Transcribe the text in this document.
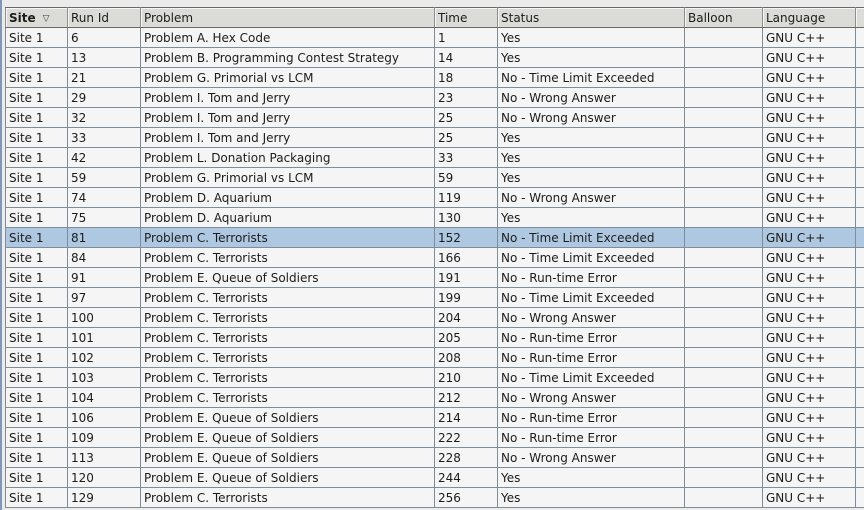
Site ▽	Run Id	Problem	Time	Status	Balloon	Language	
Site 1	6	Problem A. Hex Code	1	Yes		GNU C++	
Site 1	13	Problem B. Programming Contest Strategy	14	Yes		GNU C++	
Site 1	21	Problem G. Primorial vs LCM	18	No - Time Limit Exceeded		GNU C++	
Site 1	29	Problem I. Tom and Jerry	23	No - Wrong Answer		GNU C++	
Site 1	32	Problem I. Tom and Jerry	25	No - Wrong Answer		GNU C++	
Site 1	33	Problem I. Tom and Jerry	25	Yes		GNU C++	
Site 1	42	Problem L. Donation Packaging	33	Yes		GNU C++	
Site 1	59	Problem G. Primorial vs LCM	59	Yes		GNU C++	
Site 1	74	Problem D. Aquarium	119	No - Wrong Answer		GNU C++	
Site 1	75	Problem D. Aquarium	130	Yes		GNU C++	
Site 1	81	Problem C. Terrorists	152	No - Time Limit Exceeded		GNU C++	
Site 1	84	Problem C. Terrorists	166	No - Time Limit Exceeded		GNU C++	
Site 1	91	Problem E. Queue of Soldiers	191	No - Run-time Error		GNU C++	
Site 1	97	Problem C. Terrorists	199	No - Time Limit Exceeded		GNU C++	
Site 1	100	Problem C. Terrorists	204	No - Wrong Answer		GNU C++	
Site 1	101	Problem C. Terrorists	205	No - Run-time Error		GNU C++	
Site 1	102	Problem C. Terrorists	208	No - Run-time Error		GNU C++	
Site 1	103	Problem C. Terrorists	210	No - Time Limit Exceeded		GNU C++	
Site 1	104	Problem C. Terrorists	212	No - Wrong Answer		GNU C++	
Site 1	106	Problem E. Queue of Soldiers	214	No - Run-time Error		GNU C++	
Site 1	109	Problem E. Queue of Soldiers	222	No - Run-time Error		GNU C++	
Site 1	113	Problem E. Queue of Soldiers	228	No - Wrong Answer		GNU C++	
Site 1	120	Problem E. Queue of Soldiers	244	Yes		GNU C++	
Site 1	129	Problem C. Terrorists	256	Yes		GNU C++	
